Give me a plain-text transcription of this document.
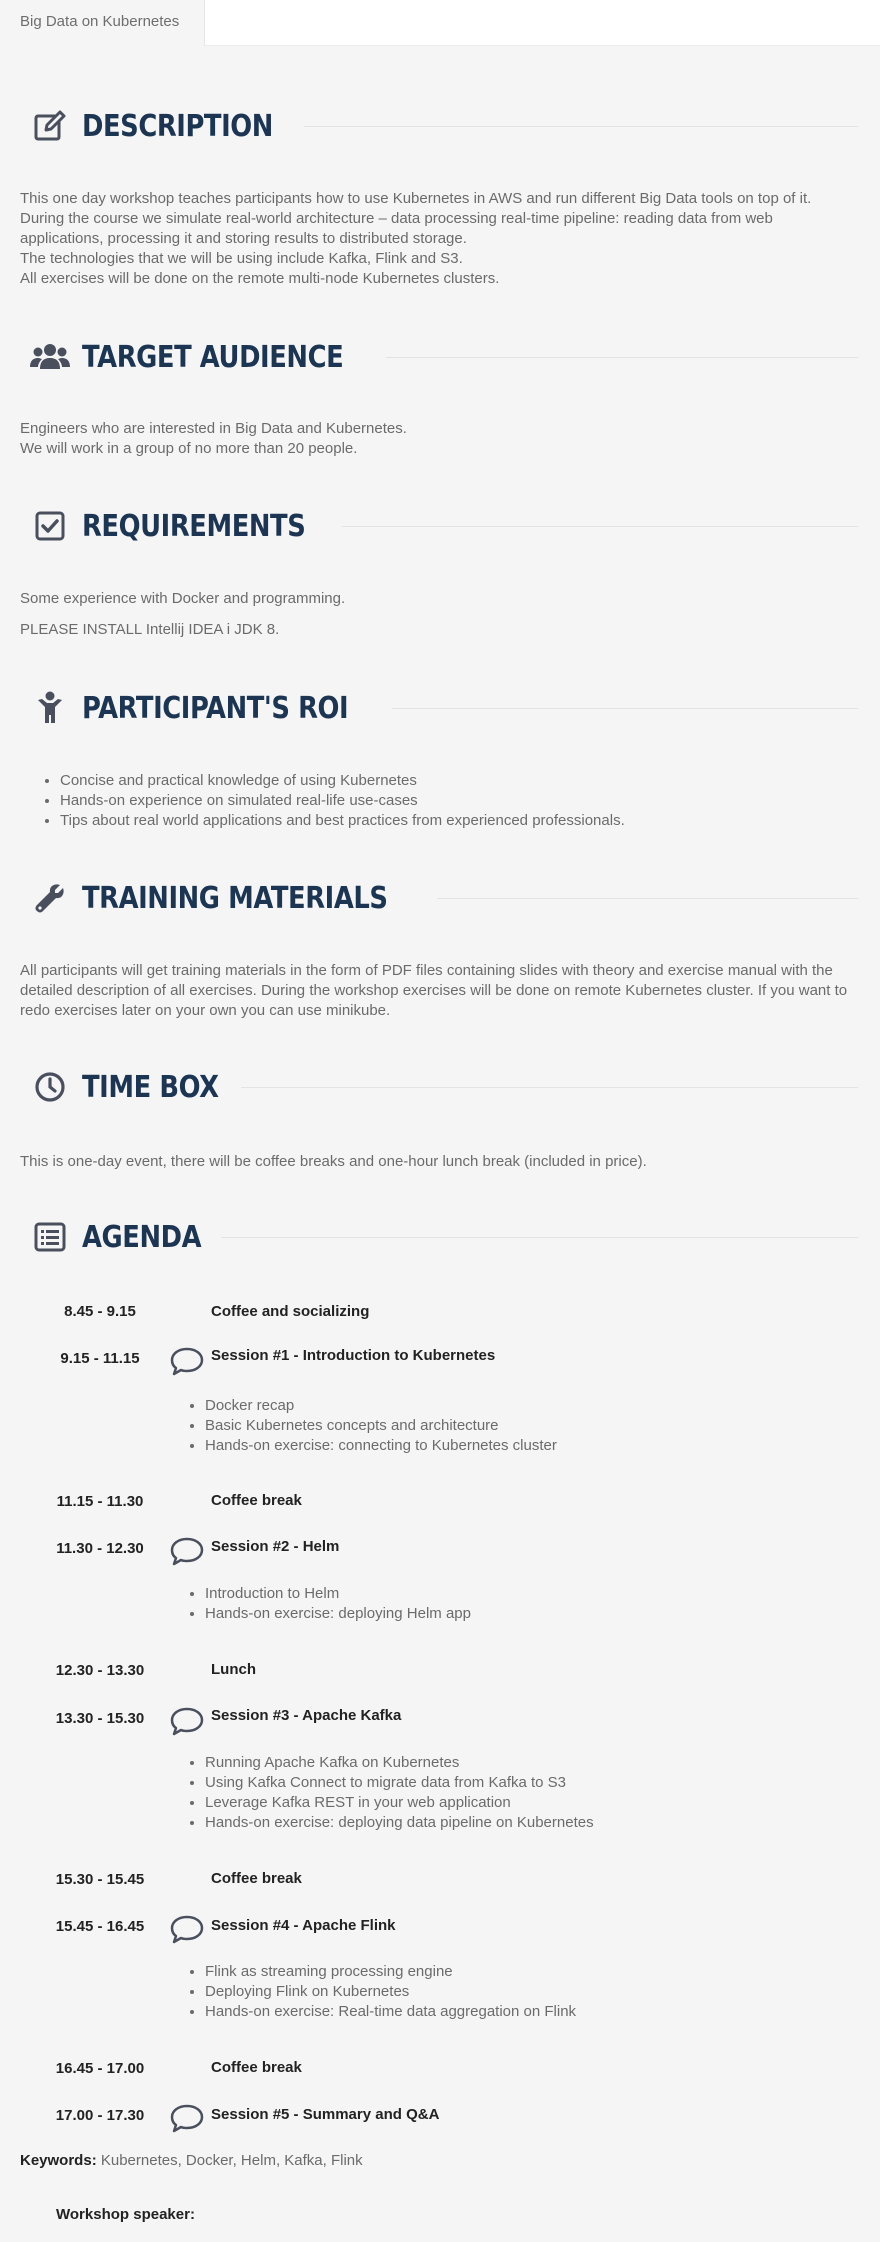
Big Data on Kubernetes
DESCRIPTION

This one day workshop teaches participants how to use Kubernetes in AWS and run different Big Data tools on top of it.

During the course we simulate real-world architecture – data processing real-time pipeline: reading data from web applications, processing it and storing results to distributed storage.

The technologies that we will be using include Kafka, Flink and S3.

All exercises will be done on the remote multi-node Kubernetes clusters.

TARGET AUDIENCE

Engineers who are interested in Big Data and Kubernetes.

We will work in a group of no more than 20 people.

REQUIREMENTS
Some experience with Docker and programming.
PLEASE INSTALL Intellij IDEA i JDK 8.
PARTICIPANT'S ROI
• Concise and practical knowledge of using Kubernetes
• Hands-on experience on simulated real-life use-cases
• Tips about real world applications and best practices from experienced professionals.
TRAINING MATERIALS
All participants will get training materials in the form of PDF files containing slides with theory and exercise manual with the detailed description of all exercises. During the workshop exercises will be done on remote Kubernetes cluster. If you want to redo exercises later on your own you can use minikube.
TIME BOX
This is one-day event, there will be coffee breaks and one-hour lunch break (included in price).
AGENDA
8.45 - 9.15	Coffee and socializing
9.15 - 11.15	Session #1 - Introduction to Kubernetes
• Docker recap
• Basic Kubernetes concepts and architecture
• Hands-on exercise: connecting to Kubernetes cluster
11.15 - 11.30	Coffee break
11.30 - 12.30	Session #2 - Helm
• Introduction to Helm
• Hands-on exercise: deploying Helm app
12.30 - 13.30	Lunch
13.30 - 15.30	Session #3 - Apache Kafka
• Running Apache Kafka on Kubernetes
• Using Kafka Connect to migrate data from Kafka to S3
• Leverage Kafka REST in your web application
• Hands-on exercise: deploying data pipeline on Kubernetes
15.30 - 15.45	Coffee break
15.45 - 16.45	Session #4 - Apache Flink
• Flink as streaming processing engine
• Deploying Flink on Kubernetes
• Hands-on exercise: Real-time data aggregation on Flink
16.45 - 17.00	Coffee break
17.00 - 17.30	Session #5 - Summary and Q&A
Keywords: Kubernetes, Docker, Helm, Kafka, Flink
Workshop speaker:
